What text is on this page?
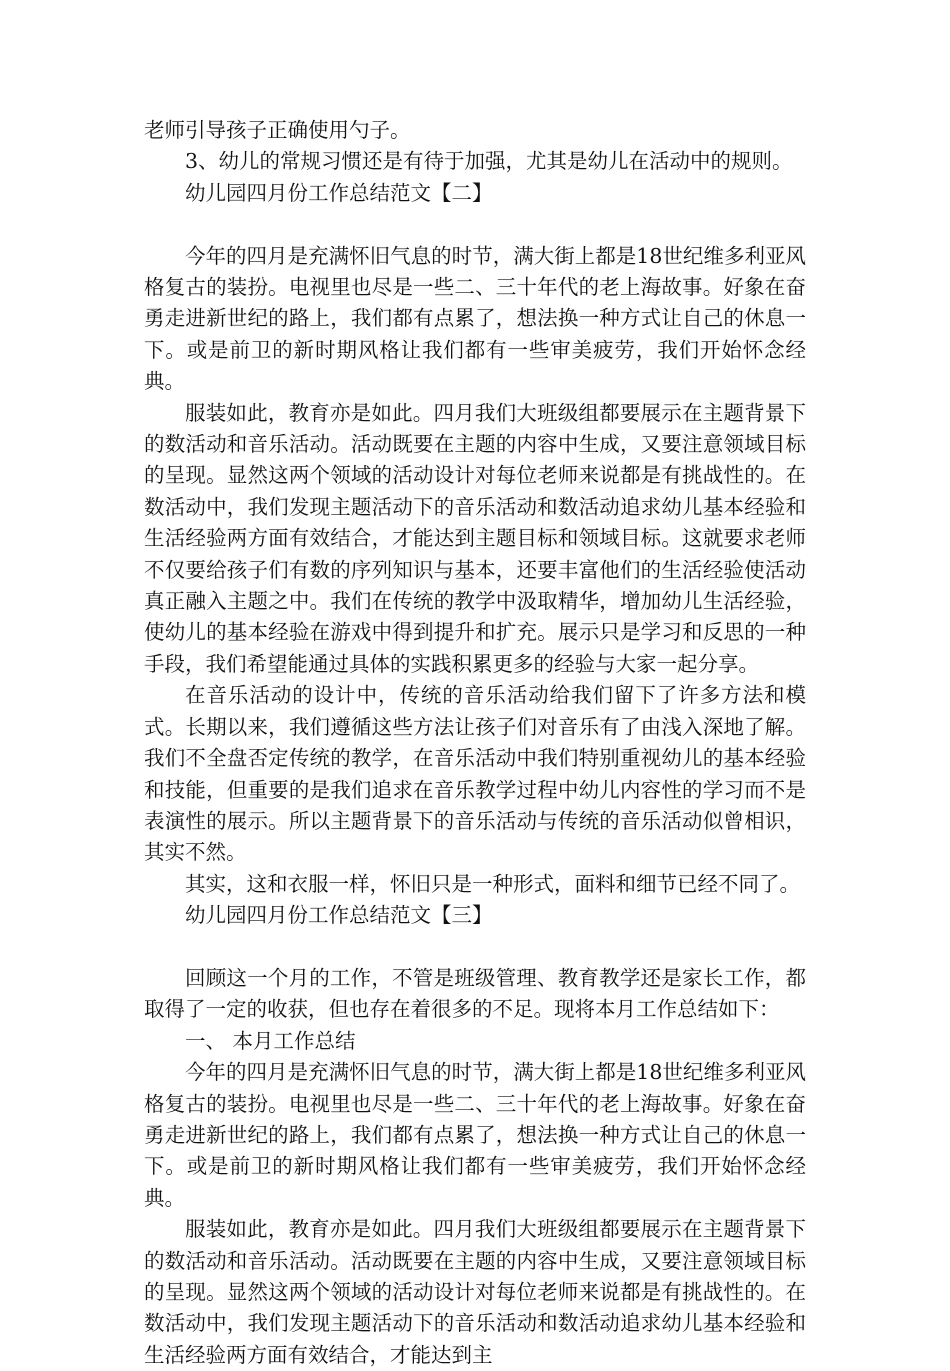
老师引导孩子正确使用勺子。

3、幼儿的常规习惯还是有待于加强，尤其是幼儿在活动中的规则。

幼儿园四月份工作总结范文【二】

今年的四月是充满怀旧气息的时节，满大街上都是18世纪维多利亚风格复古的装扮。电视里也尽是一些二、三十年代的老上海故事。好象在奋勇走进新世纪的路上，我们都有点累了，想法换一种方式让自己的休息一下。或是前卫的新时期风格让我们都有一些审美疲劳，我们开始怀念经典。

服装如此，教育亦是如此。四月我们大班级组都要展示在主题背景下的数活动和音乐活动。活动既要在主题的内容中生成，又要注意领域目标的呈现。显然这两个领域的活动设计对每位老师来说都是有挑战性的。在数活动中，我们发现主题活动下的音乐活动和数活动追求幼儿基本经验和生活经验两方面有效结合，才能达到主题目标和领域目标。这就要求老师不仅要给孩子们有数的序列知识与基本，还要丰富他们的生活经验使活动真正融入主题之中。我们在传统的教学中汲取精华，增加幼儿生活经验，使幼儿的基本经验在游戏中得到提升和扩充。展示只是学习和反思的一种手段，我们希望能通过具体的实践积累更多的经验与大家一起分享。

在音乐活动的设计中，传统的音乐活动给我们留下了许多方法和模式。长期以来，我们遵循这些方法让孩子们对音乐有了由浅入深地了解。我们不全盘否定传统的教学，在音乐活动中我们特别重视幼儿的基本经验和技能，但重要的是我们追求在音乐教学过程中幼儿内容性的学习而不是表演性的展示。所以主题背景下的音乐活动与传统的音乐活动似曾相识，其实不然。

其实，这和衣服一样，怀旧只是一种形式，面料和细节已经不同了。

幼儿园四月份工作总结范文【三】

回顾这一个月的工作，不管是班级管理、教育教学还是家长工作，都取得了一定的收获，但也存在着很多的不足。现将本月工作总结如下：

一、 本月工作总结

今年的四月是充满怀旧气息的时节，满大街上都是18世纪维多利亚风格复古的装扮。电视里也尽是一些二、三十年代的老上海故事。好象在奋勇走进新世纪的路上，我们都有点累了，想法换一种方式让自己的休息一下。或是前卫的新时期风格让我们都有一些审美疲劳，我们开始怀念经典。

服装如此，教育亦是如此。四月我们大班级组都要展示在主题背景下的数活动和音乐活动。活动既要在主题的内容中生成，又要注意领域目标的呈现。显然这两个领域的活动设计对每位老师来说都是有挑战性的。在数活动中，我们发现主题活动下的音乐活动和数活动追求幼儿基本经验和生活经验两方面有效结合，才能达到主
